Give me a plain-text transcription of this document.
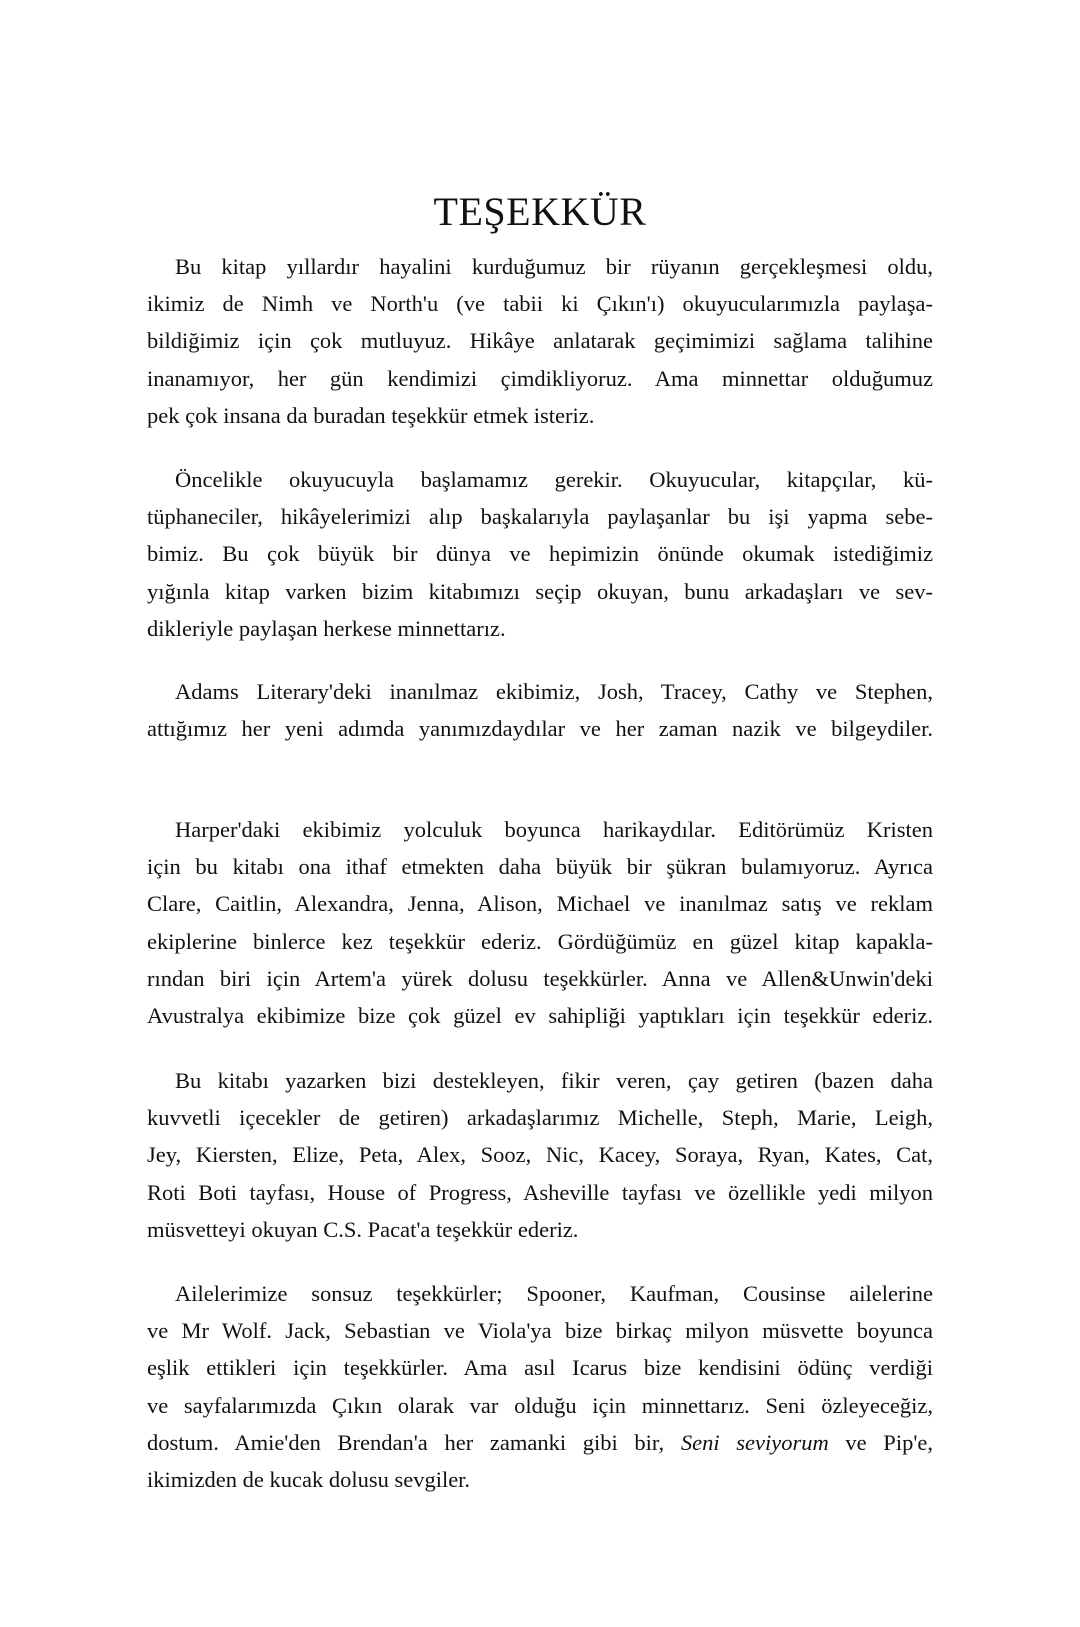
TEŞEKKÜR
Bu kitap yıllardır hayalini kurduğumuz bir rüyanın gerçekleşmesi oldu,
ikimiz de Nimh ve North'u (ve tabii ki Çıkın'ı) okuyucularımızla paylaşa-
bildiğimiz için çok mutluyuz. Hikâye anlatarak geçimimizi sağlama talihine
inanamıyor, her gün kendimizi çimdikliyoruz. Ama minnettar olduğumuz
pek çok insana da buradan teşekkür etmek isteriz.
Öncelikle okuyucuyla başlamamız gerekir. Okuyucular, kitapçılar, kü-
tüphaneciler, hikâyelerimizi alıp başkalarıyla paylaşanlar bu işi yapma sebe-
bimiz. Bu çok büyük bir dünya ve hepimizin önünde okumak istediğimiz
yığınla kitap varken bizim kitabımızı seçip okuyan, bunu arkadaşları ve sev-
dikleriyle paylaşan herkese minnettarız.
Adams Literary'deki inanılmaz ekibimiz, Josh, Tracey, Cathy ve Stephen,
attığımız her yeni adımda yanımızdaydılar ve her zaman nazik ve bilgeydiler.
Harper'daki ekibimiz yolculuk boyunca harikaydılar. Editörümüz Kristen
için bu kitabı ona ithaf etmekten daha büyük bir şükran bulamıyoruz. Ayrıca
Clare, Caitlin, Alexandra, Jenna, Alison, Michael ve inanılmaz satış ve reklam
ekiplerine binlerce kez teşekkür ederiz. Gördüğümüz en güzel kitap kapakla-
rından biri için Artem'a yürek dolusu teşekkürler. Anna ve Allen&Unwin'deki
Avustralya ekibimize bize çok güzel ev sahipliği yaptıkları için teşekkür ederiz.
Bu kitabı yazarken bizi destekleyen, fikir veren, çay getiren (bazen daha
kuvvetli içecekler de getiren) arkadaşlarımız Michelle, Steph, Marie, Leigh,
Jey, Kiersten, Elize, Peta, Alex, Sooz, Nic, Kacey, Soraya, Ryan, Kates, Cat,
Roti Boti tayfası, House of Progress, Asheville tayfası ve özellikle yedi milyon
müsvetteyi okuyan C.S. Pacat'a teşekkür ederiz.
Ailelerimize sonsuz teşekkürler; Spooner, Kaufman, Cousinse ailelerine
ve Mr Wolf. Jack, Sebastian ve Viola'ya bize birkaç milyon müsvette boyunca
eşlik ettikleri için teşekkürler. Ama asıl Icarus bize kendisini ödünç verdiği
ve sayfalarımızda Çıkın olarak var olduğu için minnettarız. Seni özleyeceğiz,
dostum. Amie'den Brendan'a her zamanki gibi bir, Seni seviyorum ve Pip'e,
ikimizden de kucak dolusu sevgiler.
